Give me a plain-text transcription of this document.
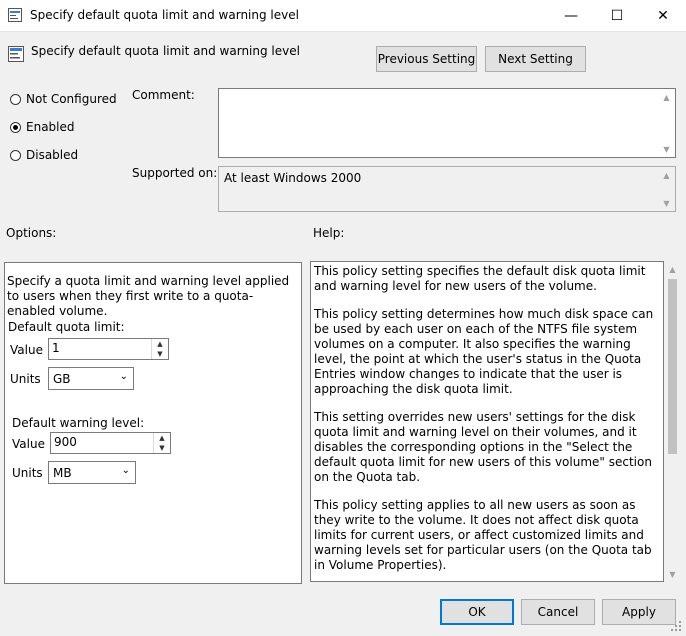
Specify default quota limit and warning level	—	☐	✕
Specify default quota limit and warning level
Previous Setting	Next Setting
Not Configured
Enabled
Disabled
Comment:	▲
▼
Supported on: At least Windows 2000	▲
▼
Options:	Help:
Specify a quota limit and warning level applied to users when they first write to a quota-enabled volume.
Default quota limit:
Value 1	▲
▼
Units GB	⌄
Default warning level:
Value 900	▲
▼
Units MB	⌄

This policy setting specifies the default disk quota limit and warning level for new users of the volume.

This policy setting determines how much disk space can be used by each user on each of the NTFS file system volumes on a computer. It also specifies the warning level, the point at which the user's status in the Quota Entries window changes to indicate that the user is approaching the disk quota limit.

This setting overrides new users' settings for the disk quota limit and warning level on their volumes, and it disables the corresponding options in the "Select the default quota limit for new users of this volume" section on the Quota tab.

This policy setting applies to all new users as soon as they write to the volume. It does not affect disk quota limits for current users, or affect customized limits and warning levels set for particular users (on the Quota tab in Volume Properties).

▲
▼
OK	Cancel	Apply
